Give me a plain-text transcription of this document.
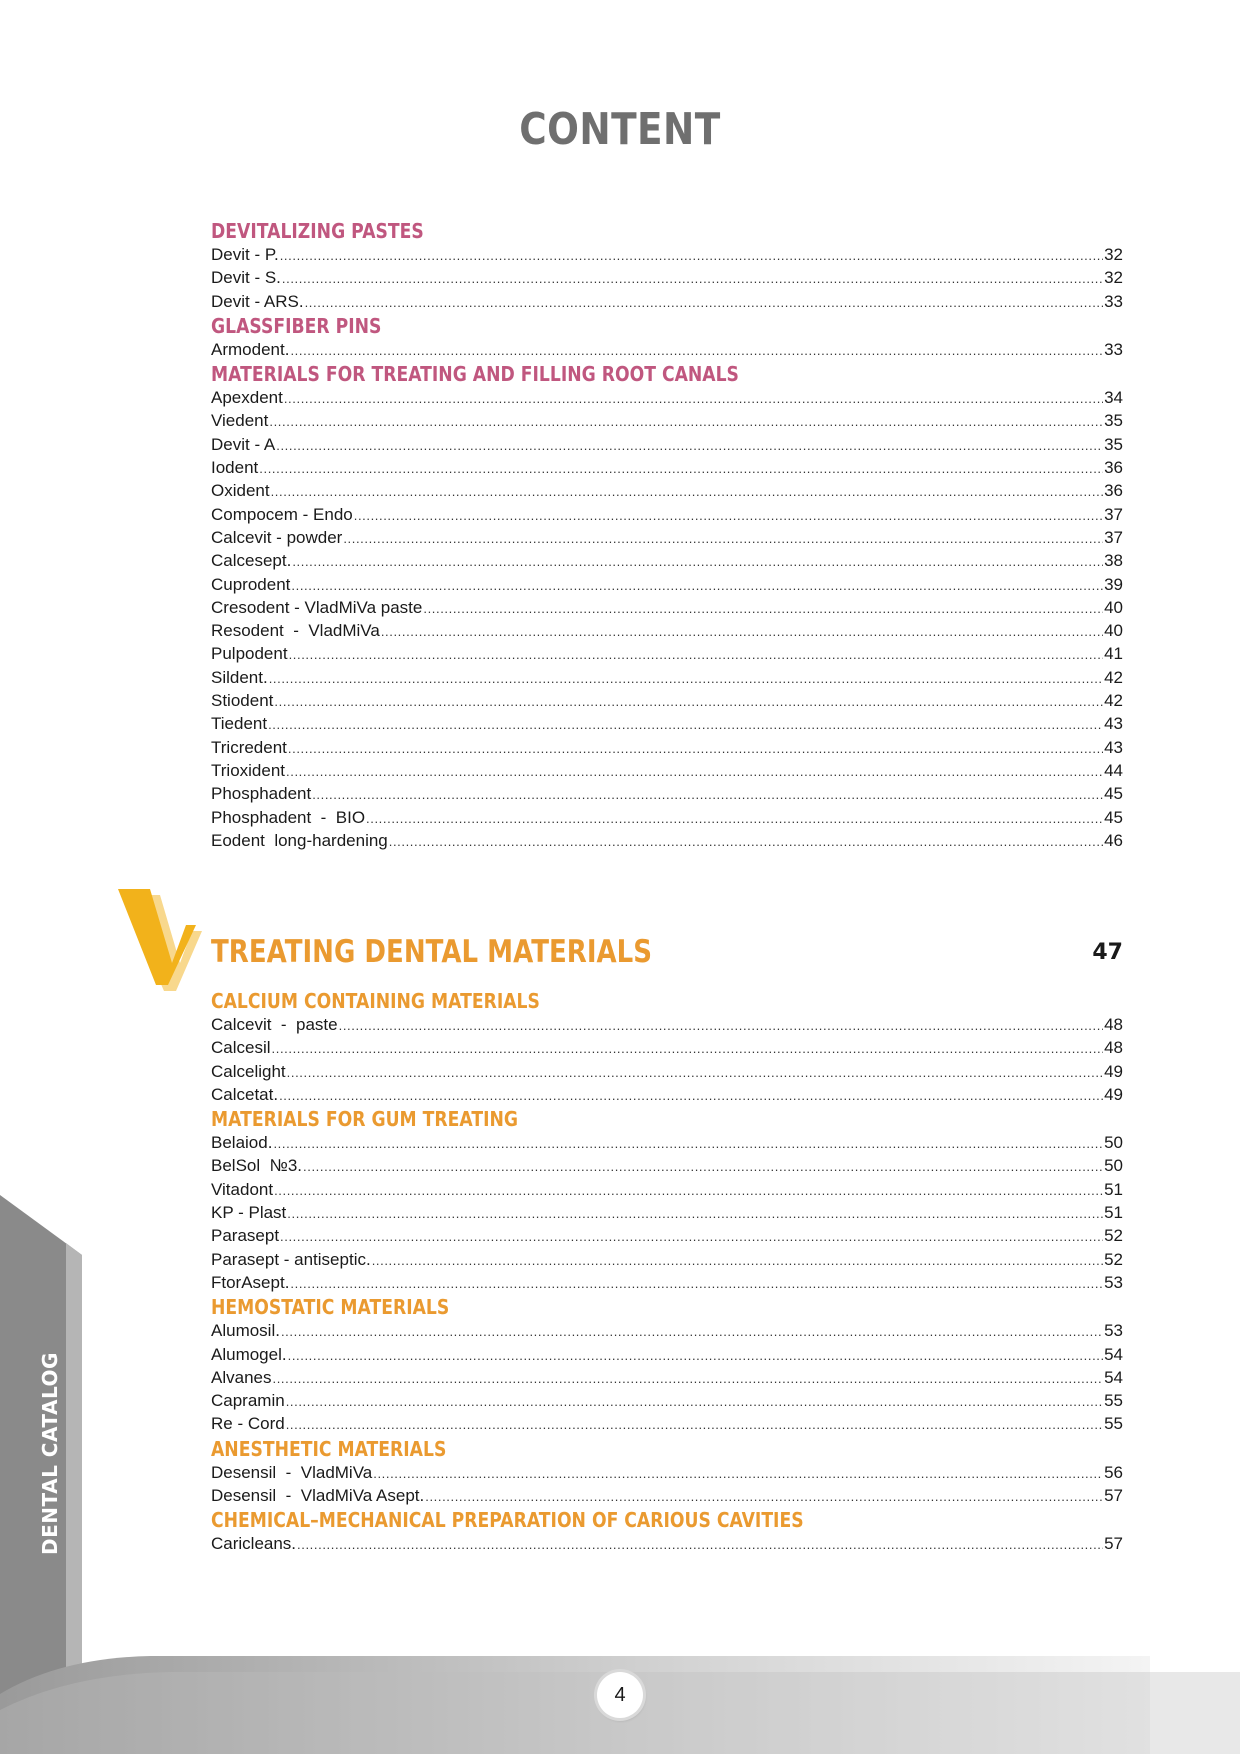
CONTENT
DEVITALIZING PASTES
Devit - P. .....	32
Devit - S. .....	32
Devit - ARS. .....	33
GLASSFIBER PINS
Armodent. .....	33
MATERIALS FOR TREATING AND FILLING ROOT CANALS
Apexdent .....	34
Viedent .....	35
Devit - A .....	35
Iodent .....	36
Oxident .....	36
Compocem - Endo .....	37
Calcevit - powder .....	37
Calcesept. .....	38
Cuprodent .....	39
Cresodent - VladMiVa paste .....	40
Resodent  -  VladMiVa .....	40
Pulpodent .....	41
Sildent. .....	42
Stiodent .....	42
Tiedent .....	43
Tricredent .....	43
Trioxident .....	44
Phosphadent .....	45
Phosphadent  -  BIO .....	45
Eodent  long-hardening .....	46
TREATING DENTAL MATERIALS	47
CALCIUM CONTAINING MATERIALS
Calcevit  -  paste .....	48
Calcesil .....	48
Calcelight .....	49
Calcetat. .....	49
MATERIALS FOR GUM TREATING
Belaiod. .....	50
BelSol  №3. .....	50
Vitadont .....	51
KP - Plast .....	51
Parasept .....	52
Parasept - antiseptic. .....	52
FtorAsept. .....	53
HEMOSTATIC MATERIALS
Alumosil. .....	53
Alumogel. .....	54
Alvanes .....	54
Capramin .....	55
Re - Cord .....	55
ANESTHETIC MATERIALS
Desensil  -  VladMiVa .....	56
Desensil  -  VladMiVa Asept. .....	57
CHEMICAL–MECHANICAL PREPARATION OF CARIOUS CAVITIES
Caricleans. .....	57
DENTAL CATALOG
4
